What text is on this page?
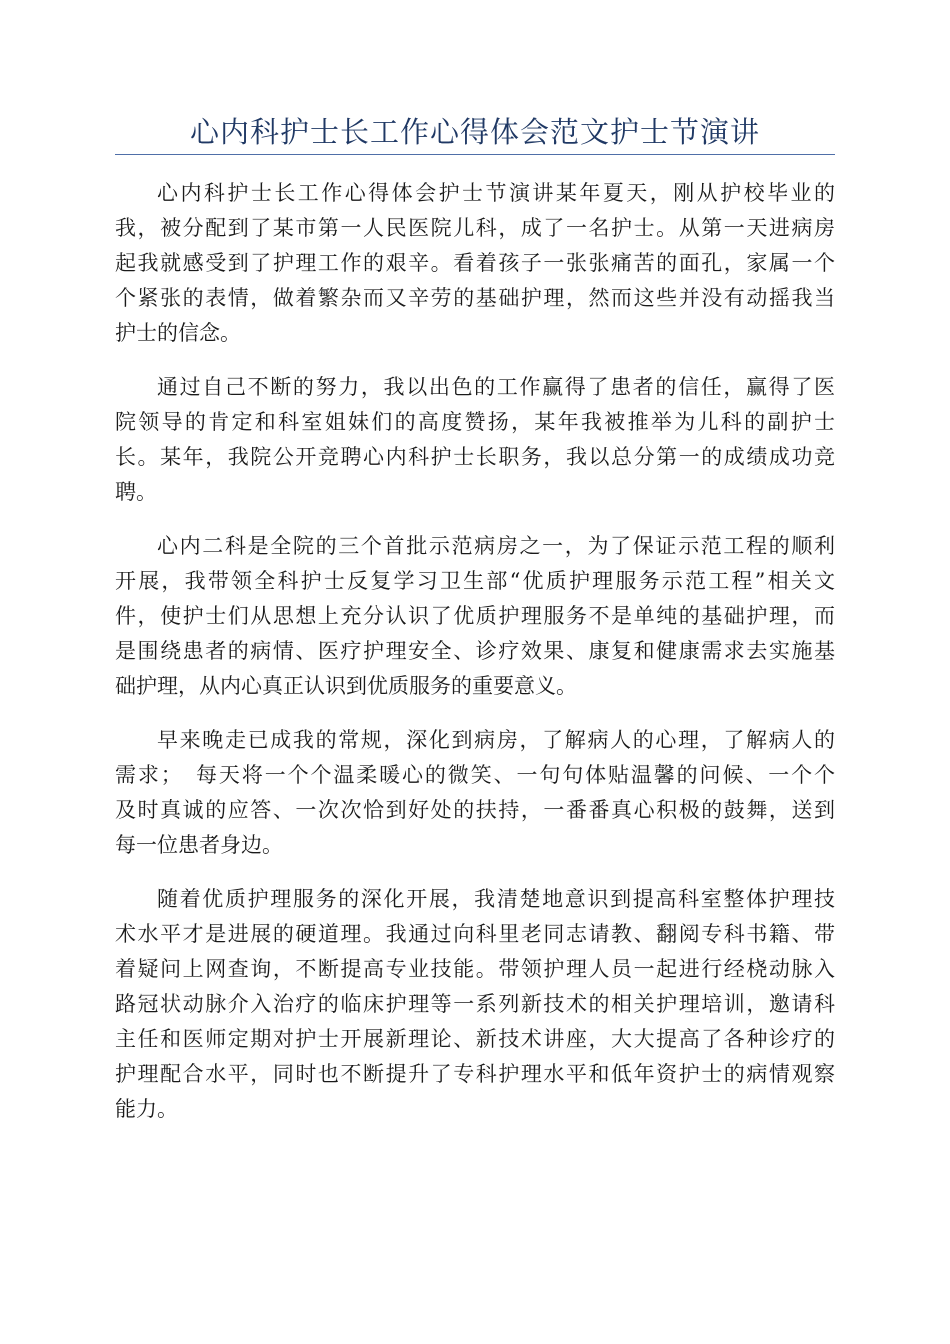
心内科护士长工作心得体会范文护士节演讲
心内科护士长工作心得体会护士节演讲某年夏天，刚从护校毕业的
我，被分配到了某市第一人民医院儿科，成了一名护士。从第一天进病房
起我就感受到了护理工作的艰辛。看着孩子一张张痛苦的面孔，家属一个
个紧张的表情，做着繁杂而又辛劳的基础护理，然而这些并没有动摇我当
护士的信念。
通过自己不断的努力，我以出色的工作赢得了患者的信任，赢得了医
院领导的肯定和科室姐妹们的高度赞扬，某年我被推举为儿科的副护士
长。某年，我院公开竞聘心内科护士长职务，我以总分第一的成绩成功竞
聘。
心内二科是全院的三个首批示范病房之一，为了保证示范工程的顺利
开展，我带领全科护士反复学习卫生部“优质护理服务示范工程”相关文
件，使护士们从思想上充分认识了优质护理服务不是单纯的基础护理，而
是围绕患者的病情、医疗护理安全、诊疗效果、康复和健康需求去实施基
础护理，从内心真正认识到优质服务的重要意义。
早来晚走已成我的常规，深化到病房，了解病人的心理，了解病人的
需求；　每天将一个个温柔暖心的微笑、一句句体贴温馨的问候、一个个
及时真诚的应答、一次次恰到好处的扶持，一番番真心积极的鼓舞，送到
每一位患者身边。
随着优质护理服务的深化开展，我清楚地意识到提高科室整体护理技
术水平才是进展的硬道理。我通过向科里老同志请教、翻阅专科书籍、带
着疑问上网查询，不断提高专业技能。带领护理人员一起进行经桡动脉入
路冠状动脉介入治疗的临床护理等一系列新技术的相关护理培训，邀请科
主任和医师定期对护士开展新理论、新技术讲座，大大提高了各种诊疗的
护理配合水平，同时也不断提升了专科护理水平和低年资护士的病情观察
能力。
